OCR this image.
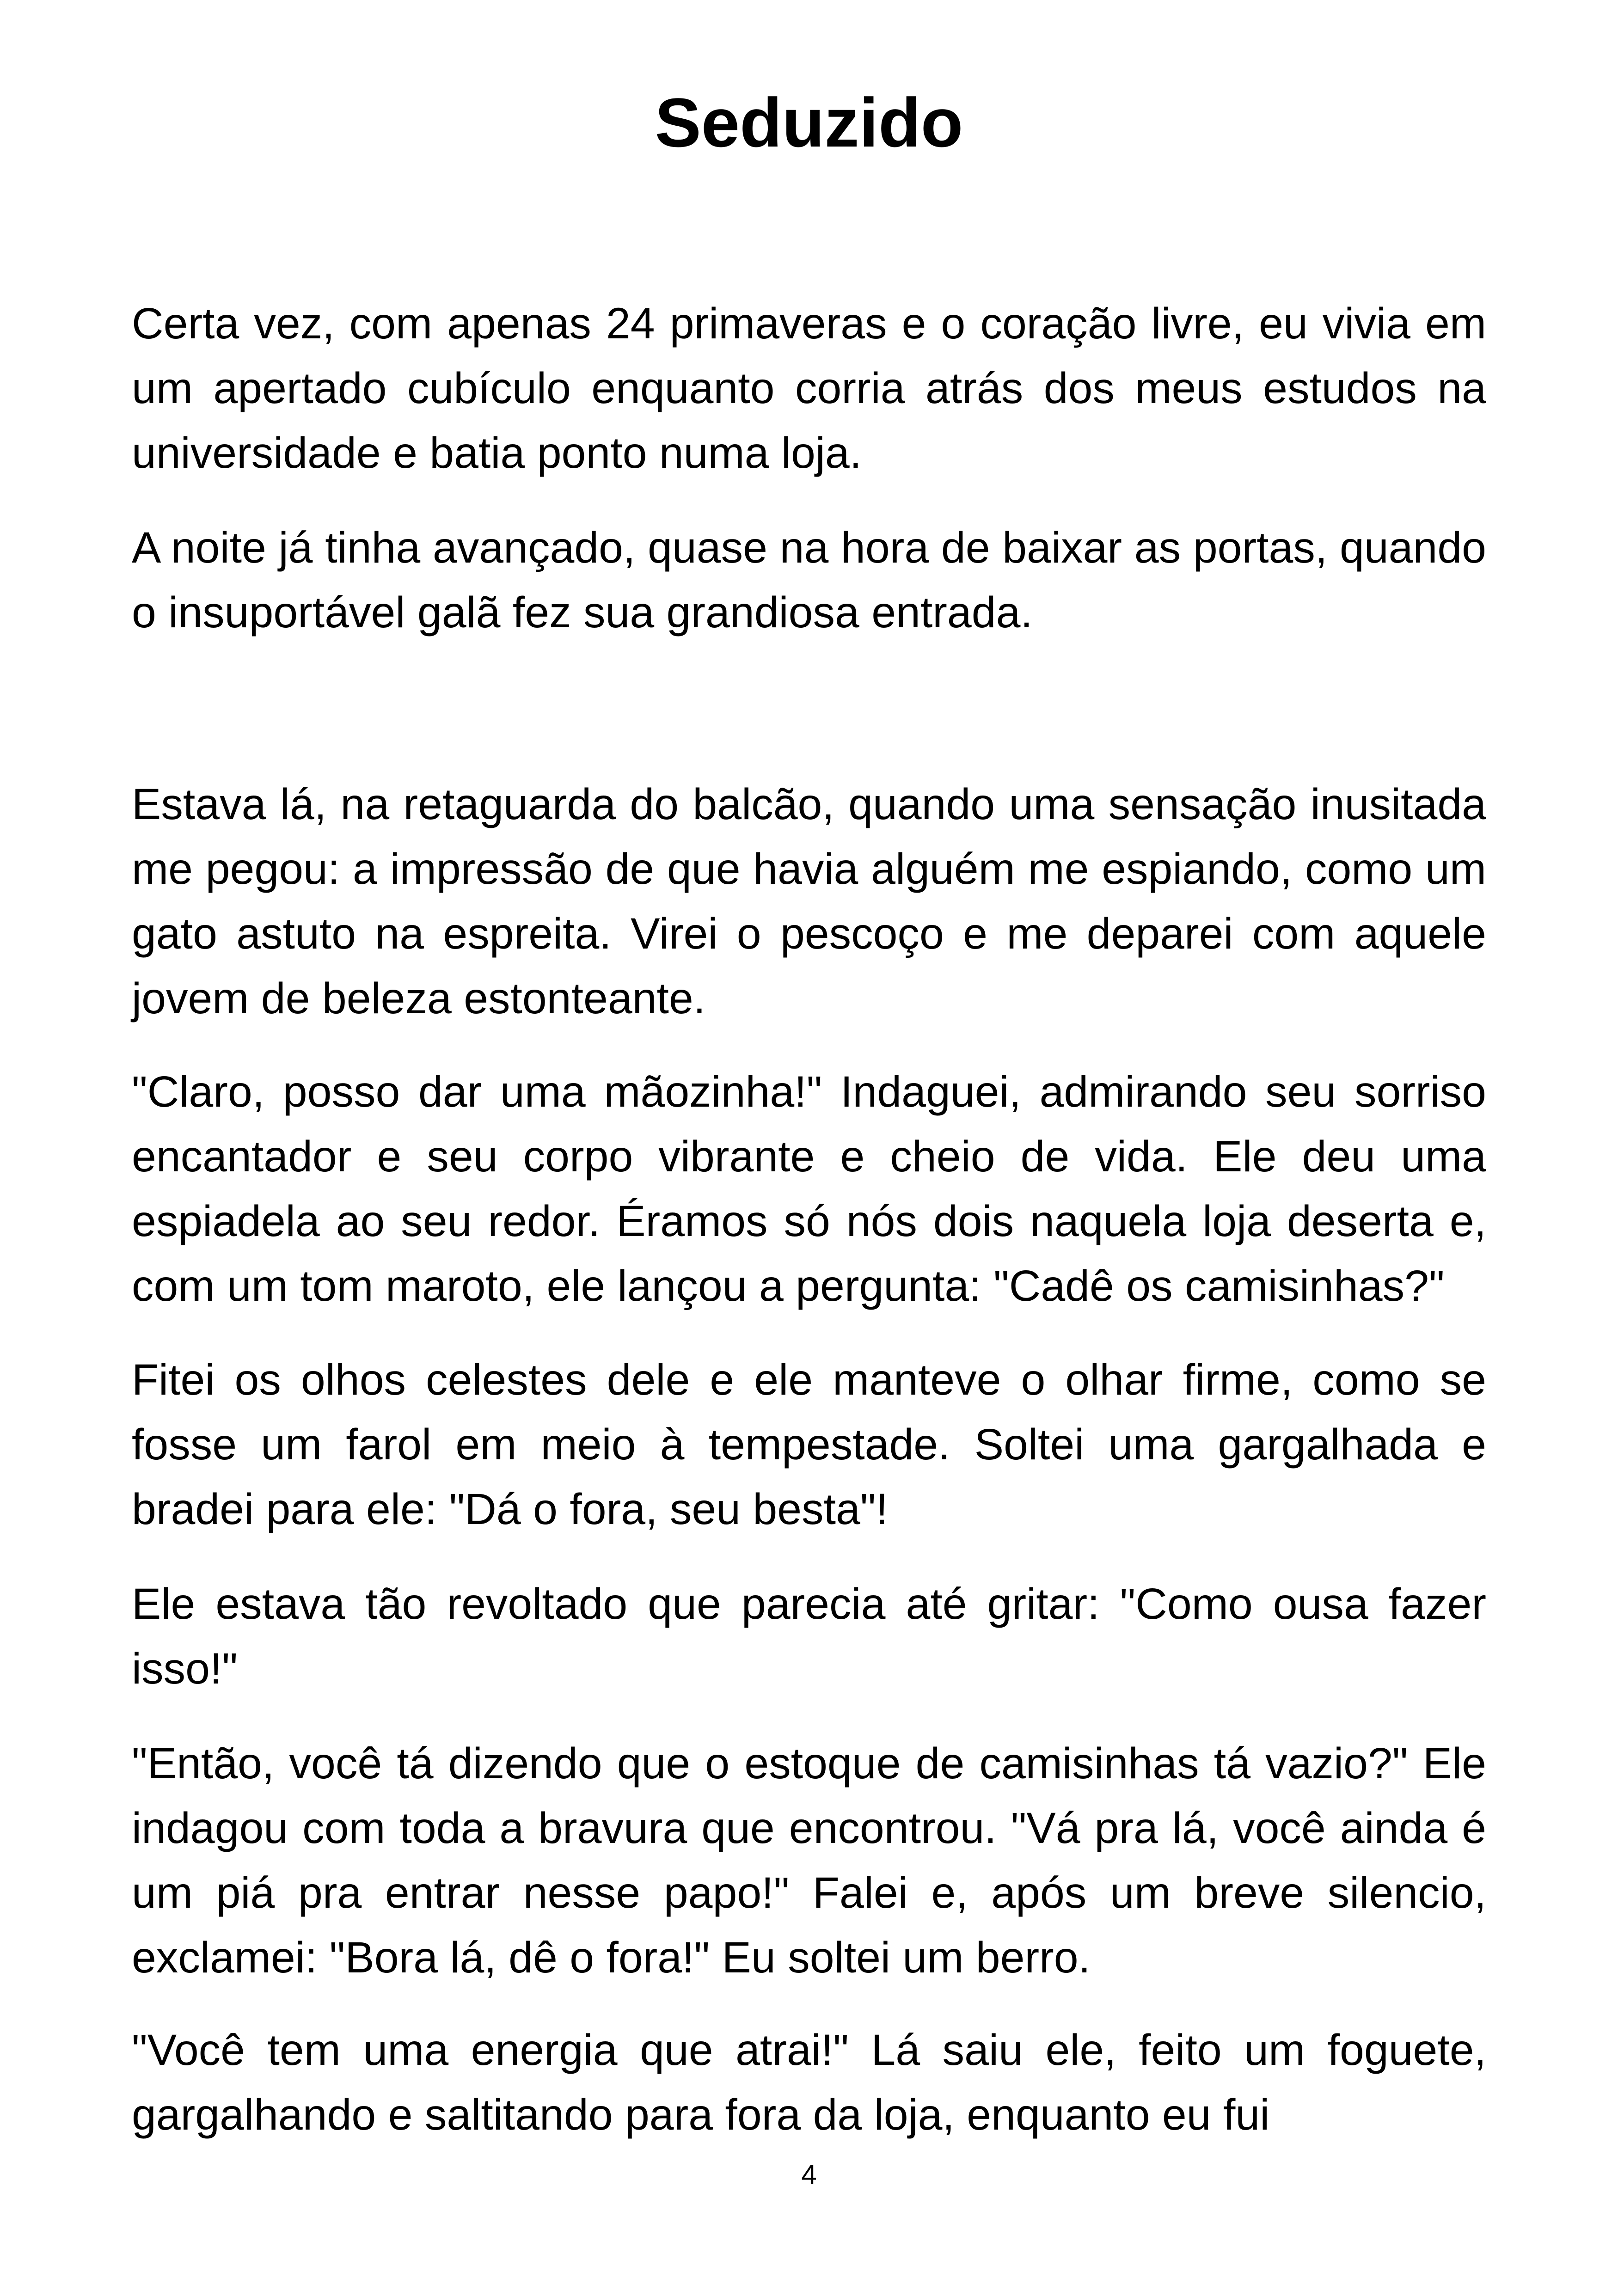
Seduzido

Certa vez, com apenas 24 primaveras e o coração livre, eu vivia em um apertado cubículo enquanto corria atrás dos meus estudos na universidade e batia ponto numa loja.

A noite já tinha avançado, quase na hora de baixar as portas, quando o insuportável galã fez sua grandiosa entrada.

Estava lá, na retaguarda do balcão, quando uma sensação inusitada me pegou: a impressão de que havia alguém me espiando, como um gato astuto na espreita. Virei o pescoço e me deparei com aquele jovem de beleza estonteante.

"Claro, posso dar uma mãozinha!" Indaguei, admirando seu sorriso encantador e seu corpo vibrante e cheio de vida. Ele deu uma espiadela ao seu redor. Éramos só nós dois naquela loja deserta e, com um tom maroto, ele lançou a pergunta: "Cadê os camisinhas?"

Fitei os olhos celestes dele e ele manteve o olhar firme, como se fosse um farol em meio à tempestade. Soltei uma gargalhada e bradei para ele: "Dá o fora, seu besta"!

Ele estava tão revoltado que parecia até gritar: "Como ousa fazer isso!"

"Então, você tá dizendo que o estoque de camisinhas tá vazio?" Ele indagou com toda a bravura que encontrou. "Vá pra lá, você ainda é um piá pra entrar nesse papo!" Falei e, após um breve silencio, exclamei: "Bora lá, dê o fora!" Eu soltei um berro.

"Você tem uma energia que atrai!" Lá saiu ele, feito um foguete, gargalhando e saltitando para fora da loja, enquanto eu fui

4
